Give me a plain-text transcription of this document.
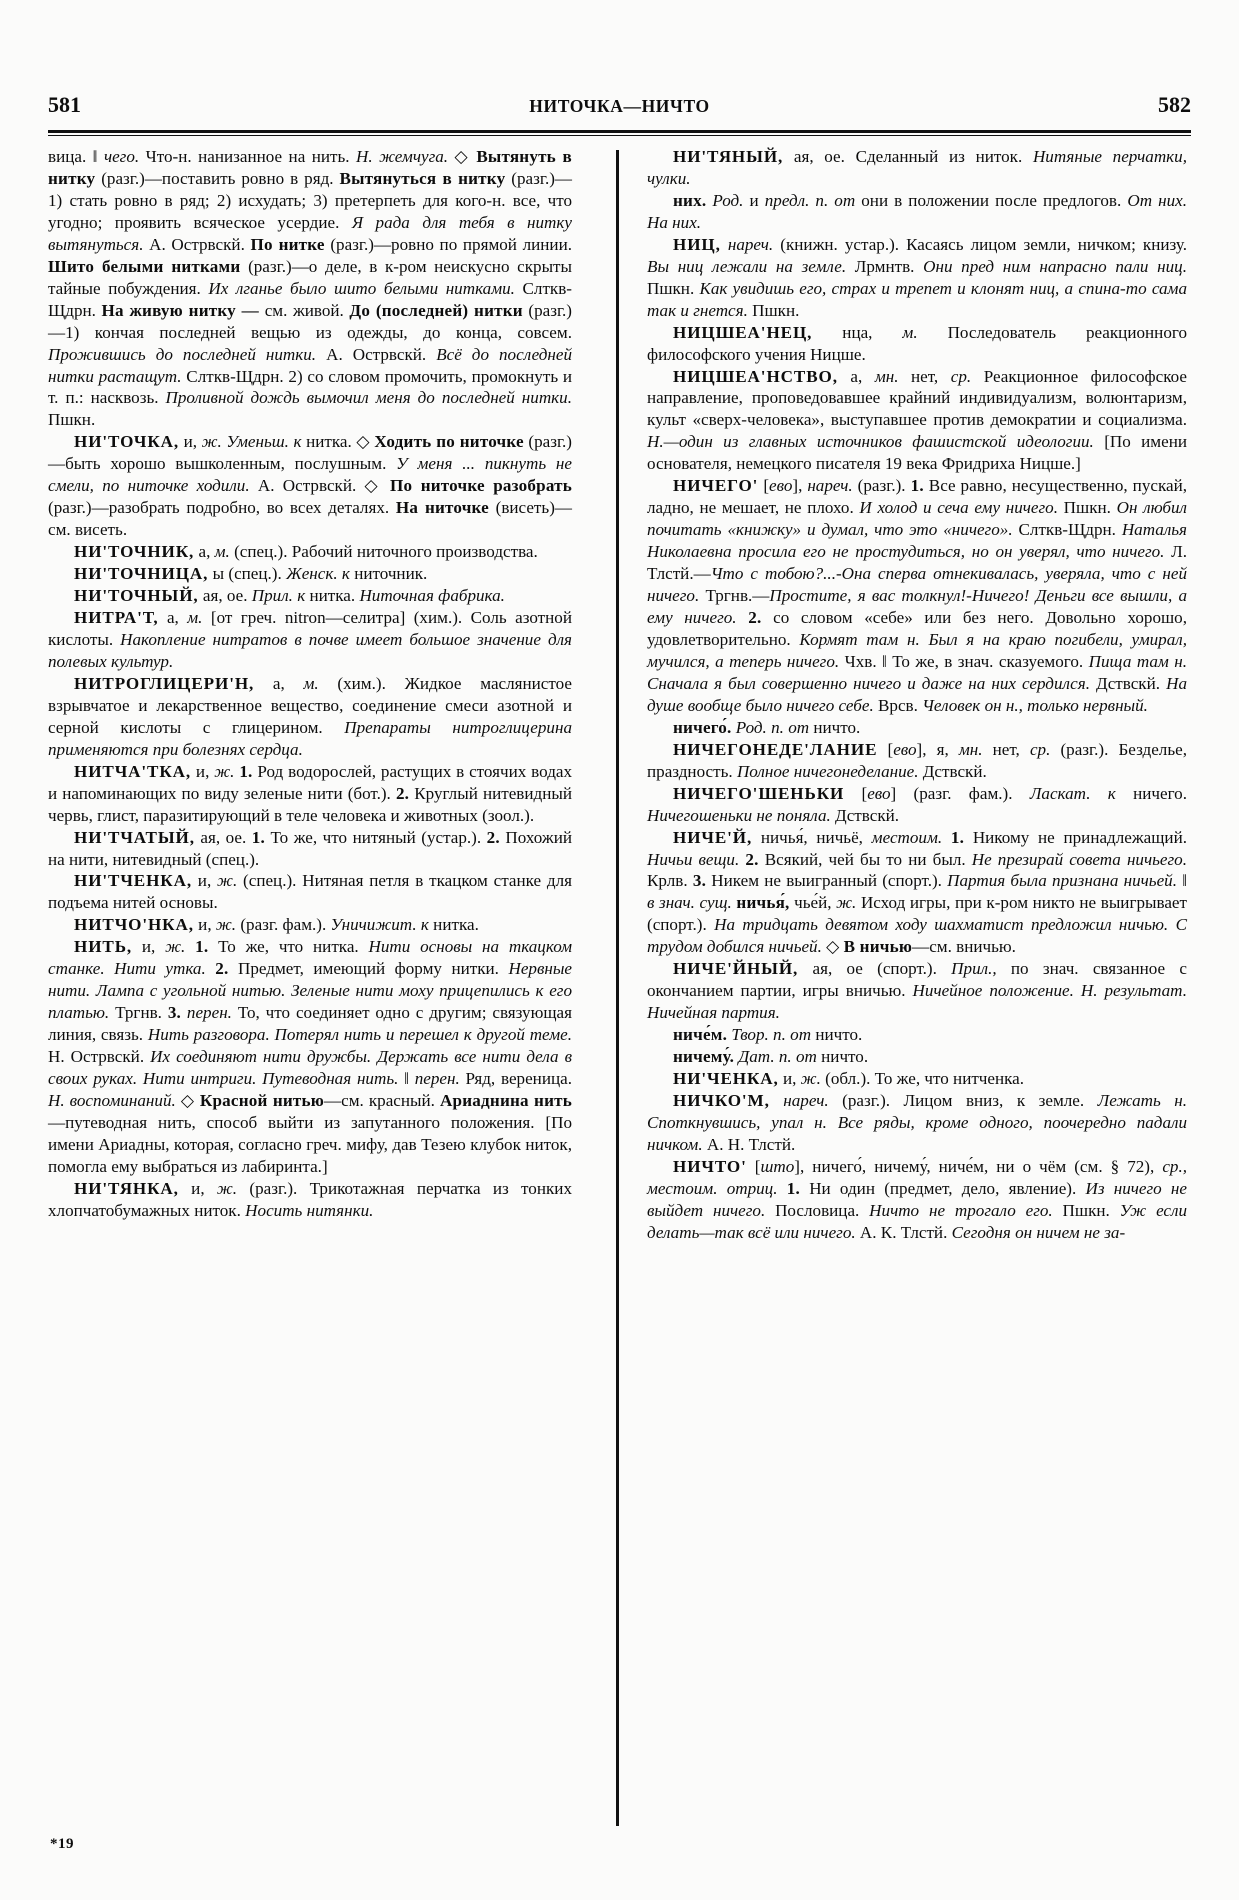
581	НИТОЧКА—НИЧТО	582

вица. ‖ чего. Что-н. нанизанное на нить. Н. жемчуга. ◇ Вытянуть в нитку (разг.)—поставить ровно в ряд. Вытянуться в нитку (разг.)—1) стать ровно в ряд; 2) исхудать; 3) претерпеть для кого-н. все, что угодно; проявить всяческое усердие. Я рада для тебя в нитку вытянуться. А. Острвскй. По нитке (разг.)—ровно по прямой линии. Шито белыми нитками (разг.)—о деле, в к-ром неискусно скрыты тайные побуждения. Их лганье было шито белыми нитками. Слткв-Щдрн. На живую нитку — см. живой. До (последней) нитки (разг.)—1) кончая последней вещью из одежды, до конца, совсем. Прожившись до последней нитки. А. Острвскй. Всё до последней нитки растащут. Слткв-Щдрн. 2) со словом промочить, промокнуть и т. п.: насквозь. Проливной дождь вымочил меня до последней нитки. Пшкн.

НИ'ТОЧКА, и, ж. Уменьш. к нитка. ◇ Ходить по ниточке (разг.)—быть хорошо вышколенным, послушным. У меня ... пикнуть не смели, по ниточке ходили. А. Острвскй. ◇ По ниточке разобрать (разг.)—разобрать подробно, во всех деталях. На ниточке (висеть)—см. висеть.

НИ'ТОЧНИК, а, м. (спец.). Рабочий ниточного производства.

НИ'ТОЧНИЦА, ы (спец.). Женск. к ниточник.

НИ'ТОЧНЫЙ, ая, ое. Прил. к нитка. Ниточная фабрика.

НИТРА'Т, а, м. [от греч. nitron—селитра] (хим.). Соль азотной кислоты. Накопление нитратов в почве имеет большое значение для полевых культур.

НИТРОГЛИЦЕРИ'Н, а, м. (хим.). Жидкое маслянистое взрывчатое и лекарственное вещество, соединение смеси азотной и серной кислоты с глицерином. Препараты нитроглицерина применяются при болезнях сердца.

НИТЧА'ТКА, и, ж. 1. Род водорослей, растущих в стоячих водах и напоминающих по виду зеленые нити (бот.). 2. Круглый нитевидный червь, глист, паразитирующий в теле человека и животных (зоол.).

НИ'ТЧАТЫЙ, ая, ое. 1. То же, что нитяный (устар.). 2. Похожий на нити, нитевидный (спец.).

НИ'ТЧЕНКА, и, ж. (спец.). Нитяная петля в ткацком станке для подъема нитей основы.

НИТЧО'НКА, и, ж. (разг. фам.). Уничижит. к нитка.

НИТЬ, и, ж. 1. То же, что нитка. Нити основы на ткацком станке. Нити утка. 2. Предмет, имеющий форму нитки. Нервные нити. Лампа с угольной нитью. Зеленые нити моху прицепились к его платью. Тргнв. 3. перен. То, что соединяет одно с другим; связующая линия, связь. Нить разговора. Потерял нить и перешел к другой теме. Н. Острвскй. Их соединяют нити дружбы. Держать все нити дела в своих руках. Нити интриги. Путеводная нить. ‖ перен. Ряд, вереница. Н. воспоминаний. ◇ Красной нитью—см. красный. Ариаднина нить—путеводная нить, способ выйти из запутанного положения. [По имени Ариадны, которая, согласно греч. мифу, дав Тезею клубок ниток, помогла ему выбраться из лабиринта.]

НИ'ТЯНКА, и, ж. (разг.). Трикотажная перчатка из тонких хлопчатобумажных ниток. Носить нитянки.

НИ'ТЯНЫЙ, ая, ое. Сделанный из ниток. Нитяные перчатки, чулки.

них. Род. и предл. п. от они в положении после предлогов. От них. На них.

НИЦ, нареч. (книжн. устар.). Касаясь лицом земли, ничком; книзу. Вы ниц лежали на земле. Лрмнтв. Они пред ним напрасно пали ниц. Пшкн. Как увидишь его, страх и трепет и клонят ниц, а спина-то сама так и гнется. Пшкн.

НИЦШЕА'НЕЦ, нца, м. Последователь реакционного философского учения Ницше.

НИЦШЕА'НСТВО, а, мн. нет, ср. Реакционное философское направление, проповедовавшее крайний индивидуализм, волюнтаризм, культ «сверх-человека», выступавшее против демократии и социализма. Н.—один из главных источников фашистской идеологии. [По имени основателя, немецкого писателя 19 века Фридриха Ницше.]

НИЧЕГО' [ево], нареч. (разг.). 1. Все равно, несущественно, пускай, ладно, не мешает, не плохо. И холод и сеча ему ничего. Пшкн. Он любил почитать «книжку» и думал, что это «ничего». Слткв-Щдрн. Наталья Николаевна просила его не простудиться, но он уверял, что ничего. Л. Тлстй.—Что с тобою?...-Она сперва отнекивалась, уверяла, что с ней ничего. Тргнв.—Простите, я вас толкнул!-Ничего! Деньги все вышли, а ему ничего. 2. со словом «себе» или без него. Довольно хорошо, удовлетворительно. Кормят там н. Был я на краю погибели, умирал, мучился, а теперь ничего. Чхв. ‖ То же, в знач. сказуемого. Пища там н. Сначала я был совершенно ничего и даже на них сердился. Дствскй. На душе вообще было ничего себе. Врсв. Человек он н., только нервный.

ничего́. Род. п. от ничто.

НИЧЕГОНЕДЕ'ЛАНИЕ [ево], я, мн. нет, ср. (разг.). Безделье, праздность. Полное ничегонеделание. Дствскй.

НИЧЕГО'ШЕНЬКИ [ево] (разг. фам.). Ласкат. к ничего. Ничегошеньки не поняла. Дствскй.

НИЧЕ'Й, ничья́, ничьё, местоим. 1. Никому не принадлежащий. Ничьи вещи. 2. Всякий, чей бы то ни был. Не презирай совета ничьего. Крлв. 3. Никем не выигранный (спорт.). Партия была признана ничьей. ‖ в знач. сущ. ничья́, чье́й, ж. Исход игры, при к-ром никто не выигрывает (спорт.). На тридцать девятом ходу шахматист предложил ничью. С трудом добился ничьей. ◇ В ничью—см. вничью.

НИЧЕ'ЙНЫЙ, ая, ое (спорт.). Прил., по знач. связанное с окончанием партии, игры вничью. Ничейное положение. Н. результат. Ничейная партия.

ниче́м. Твор. п. от ничто.

ничему́. Дат. п. от ничто.

НИ'ЧЕНКА, и, ж. (обл.). То же, что нитченка.

НИЧКО'М, нареч. (разг.). Лицом вниз, к земле. Лежать н. Споткнувшись, упал н. Все ряды, кроме одного, поочередно падали ничком. А. Н. Тлстй.

НИЧТО' [што], ничего́, ничему́, ниче́м, ни о чём (см. § 72), ср., местоим. отриц. 1. Ни один (предмет, дело, явление). Из ничего не выйдет ничего. Пословица. Ничто не трогало его. Пшкн. Уж если делать—так всё или ничего. А. К. Тлстй. Сегодня он ничем не за-

*19
